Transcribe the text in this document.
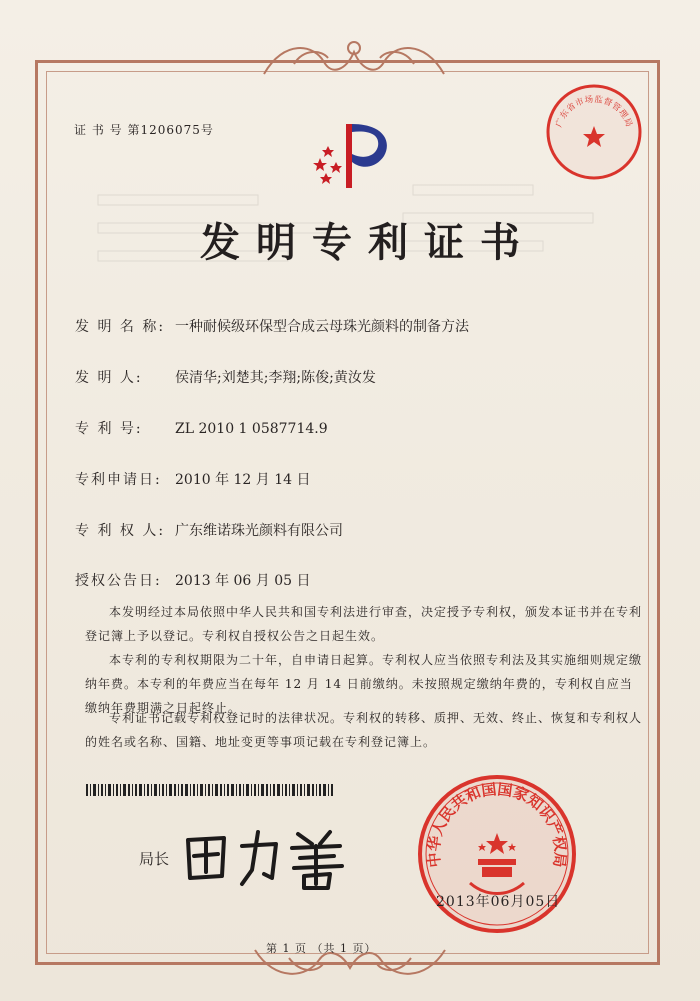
证 书 号 第1206075号
发明专利证书
发 明 名 称: 一种耐候级环保型合成云母珠光颜料的制备方法
发 明 人: 侯清华;刘楚其;李翔;陈俊;黄汝发
专 利 号: ZL 2010 1 0587714.9
专利申请日: 2010 年 12 月 14 日
专 利 权 人: 广东维诺珠光颜料有限公司
授权公告日: 2013 年 06 月 05 日
本发明经过本局依照中华人民共和国专利法进行审查，决定授予专利权，颁发本证书并在专利登记簿上予以登记。专利权自授权公告之日起生效。
本专利的专利权期限为二十年，自申请日起算。专利权人应当依照专利法及其实施细则规定缴纳年费。本专利的年费应当在每年 12 月 14 日前缴纳。未按照规定缴纳年费的，专利权自应当缴纳年费期满之日起终止。
专利证书记载专利权登记时的法律状况。专利权的转移、质押、无效、终止、恢复和专利权人的姓名或名称、国籍、地址变更等事项记载在专利登记簿上。
局长
广东省市场监督管理局
中华人民共和国国家知识产权局
2013年06月05日
第 1 页 （共 1 页）
